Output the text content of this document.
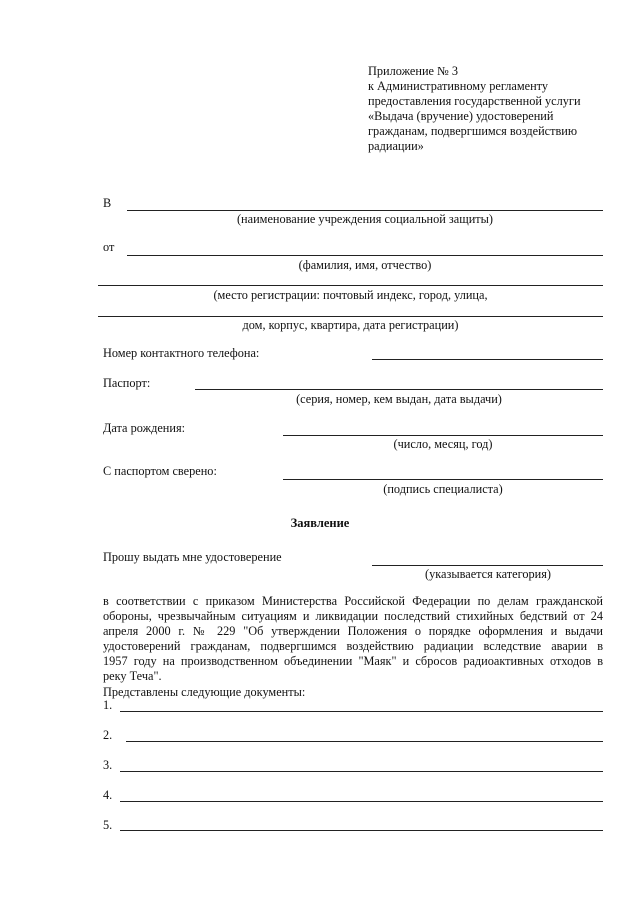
Приложение № 3
к Административному регламенту
предоставления государственной услуги
«Выдача (вручение) удостоверений
гражданам, подвергшимся воздействию
радиации»
В
(наименование учреждения социальной защиты)
от
(фамилия, имя, отчество)
(место регистрации: почтовый индекс, город, улица,
дом, корпус, квартира, дата регистрации)
Номер контактного телефона:
Паспорт:
(серия, номер, кем выдан, дата выдачи)
Дата рождения:
(число, месяц, год)
С паспортом сверено:
(подпись специалиста)
Заявление
Прошу выдать мне удостоверение
(указывается категория)
в соответствии с приказом Министерства Российской Федерации по делам гражданской
обороны, чрезвычайным ситуациям и ликвидации последствий стихийных бедствий от 24
апреля 2000 г. № 229 "Об утверждении Положения о порядке оформления и выдачи
удостоверений гражданам, подвергшимся воздействию радиации вследствие аварии в
1957 году на производственном объединении "Маяк" и сбросов радиоактивных отходов в
реку Теча".
Представлены следующие документы:
1.
2.
3.
4.
5.
